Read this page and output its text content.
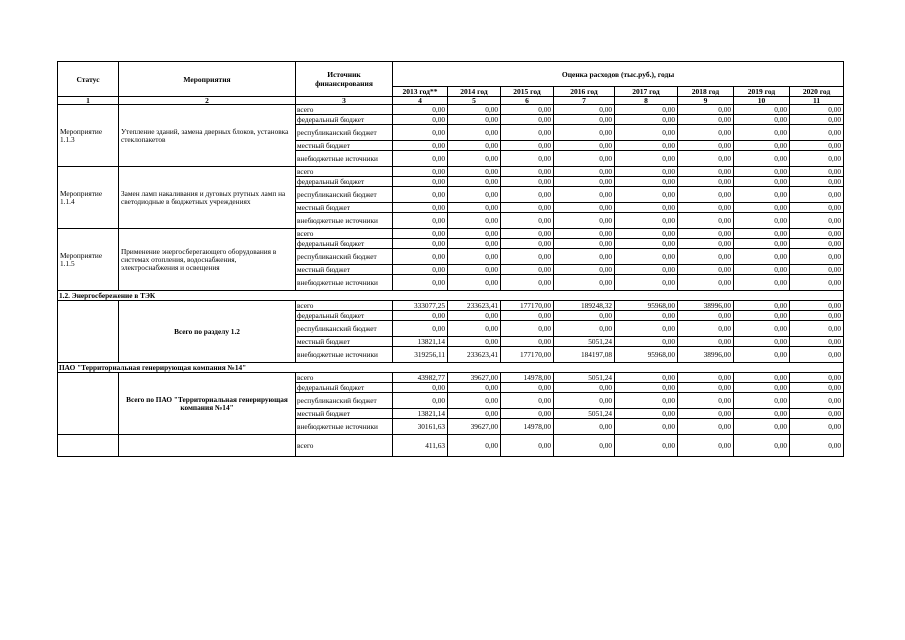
Статус	Мероприятия	Источник финансирования	Оценка расходов (тыс.руб.), годы							
			2013 год**	2014 год	2015 год	2016 год	2017 год	2018 год	2019 год	2020 год
1	2	3	4	5	6	7	8	9	10	11
Мероприятие 1.1.3	Утепление зданий, замена дверных блоков, установка стеклопакетов	всего	0,00	0,00	0,00	0,00	0,00	0,00	0,00	0,00
		федеральный бюджет	0,00	0,00	0,00	0,00	0,00	0,00	0,00	0,00
		республиканский бюджет	0,00	0,00	0,00	0,00	0,00	0,00	0,00	0,00
		местный бюджет	0,00	0,00	0,00	0,00	0,00	0,00	0,00	0,00
		внебюджетные источники	0,00	0,00	0,00	0,00	0,00	0,00	0,00	0,00
Мероприятие 1.1.4	Замен ламп накаливания и дуговых ртутных ламп на светодиодные в бюджетных учреждениях	всего	0,00	0,00	0,00	0,00	0,00	0,00	0,00	0,00
		федеральный бюджет	0,00	0,00	0,00	0,00	0,00	0,00	0,00	0,00
		республиканский бюджет	0,00	0,00	0,00	0,00	0,00	0,00	0,00	0,00
		местный бюджет	0,00	0,00	0,00	0,00	0,00	0,00	0,00	0,00
		внебюджетные источники	0,00	0,00	0,00	0,00	0,00	0,00	0,00	0,00
Мероприятие 1.1.5	Применение энергосберегающего оборудования в системах отопления, водоснабжения, электроснабжения и освещения	всего	0,00	0,00	0,00	0,00	0,00	0,00	0,00	0,00
		федеральный бюджет	0,00	0,00	0,00	0,00	0,00	0,00	0,00	0,00
		республиканский бюджет	0,00	0,00	0,00	0,00	0,00	0,00	0,00	0,00
		местный бюджет	0,00	0,00	0,00	0,00	0,00	0,00	0,00	0,00
		внебюджетные источники	0,00	0,00	0,00	0,00	0,00	0,00	0,00	0,00
1.2. Энергосбережение в ТЭК										
	Всего по разделу 1.2	всего	333077,25	233623,41	177170,00	189248,32	95968,00	38996,00	0,00	0,00
		федеральный бюджет	0,00	0,00	0,00	0,00	0,00	0,00	0,00	0,00
		республиканский бюджет	0,00	0,00	0,00	0,00	0,00	0,00	0,00	0,00
		местный бюджет	13821,14	0,00	0,00	5051,24	0,00	0,00	0,00	0,00
		внебюджетные источники	319256,11	233623,41	177170,00	184197,08	95968,00	38996,00	0,00	0,00
ПАО "Территориальная генерирующая компания №14"										
	Всего по ПАО "Территориальная генерирующая компания №14"	всего	43982,77	39627,00	14978,00	5051,24	0,00	0,00	0,00	0,00
		федеральный бюджет	0,00	0,00	0,00	0,00	0,00	0,00	0,00	0,00
		республиканский бюджет	0,00	0,00	0,00	0,00	0,00	0,00	0,00	0,00
		местный бюджет	13821,14	0,00	0,00	5051,24	0,00	0,00	0,00	0,00
		внебюджетные источники	30161,63	39627,00	14978,00	0,00	0,00	0,00	0,00	0,00
		всего	411,63	0,00	0,00	0,00	0,00	0,00	0,00	0,00
